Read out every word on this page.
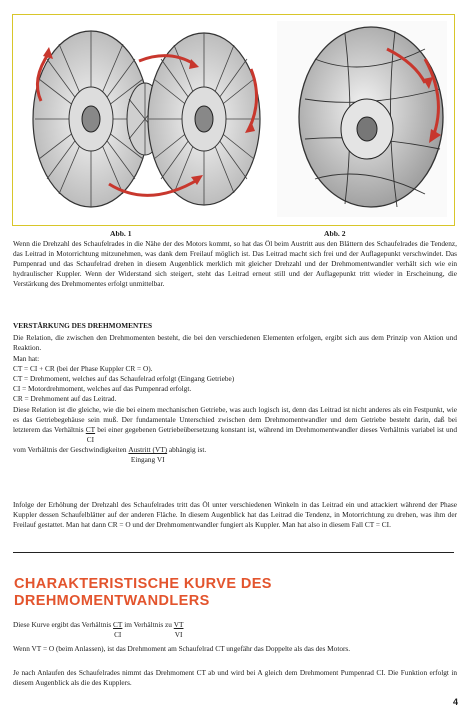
Abb. 1	Abb. 2

Wenn die Drehzahl des Schaufelrades in die Nähe der des Motors kommt, so hat das Öl beim Austritt aus den Blättern des Schaufelrades die Tendenz, das Leitrad in Motorrichtung mitzunehmen, was dank dem Freilauf möglich ist. Das Leitrad macht sich frei und der Auflagepunkt verschwindet. Das Pumpenrad und das Schaufelrad drehen in diesem Augenblick merklich mit gleicher Drehzahl und der Drehmomentwandler verhält sich wie ein hydraulischer Kuppler. Wenn der Widerstand sich steigert, steht das Leitrad erneut still und der Auflagepunkt tritt wieder in Erscheinung, die Verstärkung des Drehmomentes erfolgt unmittelbar.

VERSTÄRKUNG DES DREHMOMENTES

Die Relation, die zwischen den Drehmomenten besteht, die bei den verschiedenen Elementen erfolgen, ergibt sich aus dem Prinzip von Aktion und Reaktion.

Man hat:
CT = CI + CR (bei der Phase Kuppler CR = O).
CT = Drehmoment, welches auf das Schaufelrad erfolgt (Eingang Getriebe)
CI = Motordrehmoment, welches auf das Pumpenrad erfolgt.
CR = Drehmoment auf das Leitrad.
Diese Relation ist die gleiche, wie die bei einem mechanischen Getriebe, was auch logisch ist, denn das Leitrad ist nicht anderes als ein Festpunkt, wie es das Getriebegehäuse sein muß. Der fundamentale Unterschied zwischen dem Drehmomentwandler und dem Getriebe besteht darin, daß bei letzterem das Verhältnis $\frac{CT}{CI}$ bei einer gegebenen Getriebeübersetzung konstant ist, während im Drehmomentwandler dieses Verhältnis variabel ist und vom Verhältnis der Geschwindigkeiten $\frac{\text{Austritt (VT)}}{\text{Eingang VI}}$ abhängig ist.

Infolge der Erhöhung der Drehzahl des Schaufelrades tritt das Öl unter verschiedenen Winkeln in das Leitrad ein und attackiert während der Phase Kuppler dessen Schaufelblätter auf der anderen Fläche. In diesem Augenblick hat das Leitrad die Tendenz, in Motorrichtung zu drehen, was ihm der Freilauf gestattet. Man hat dann CR = O und der Drehmomentwandler fungiert als Kuppler. Man hat also in diesem Fall CT = CI.

CHARAKTERISTISCHE KURVE DES
DREHMOMENTWANDLERS
Diese Kurve ergibt das Verhältnis $\frac{CT}{CI}$ im Verhältnis zu $\frac{VT}{VI}$

Wenn VT = O (beim Anlassen), ist das Drehmoment am Schaufelrad CT ungefähr das Doppelte als das des Motors.

Je nach Anlaufen des Schaufelrades nimmt das Drehmoment CT ab und wird bei A gleich dem Drehmoment Pumpenrad CI. Die Funktion erfolgt in diesem Augenblick als die des Kupplers.

4
